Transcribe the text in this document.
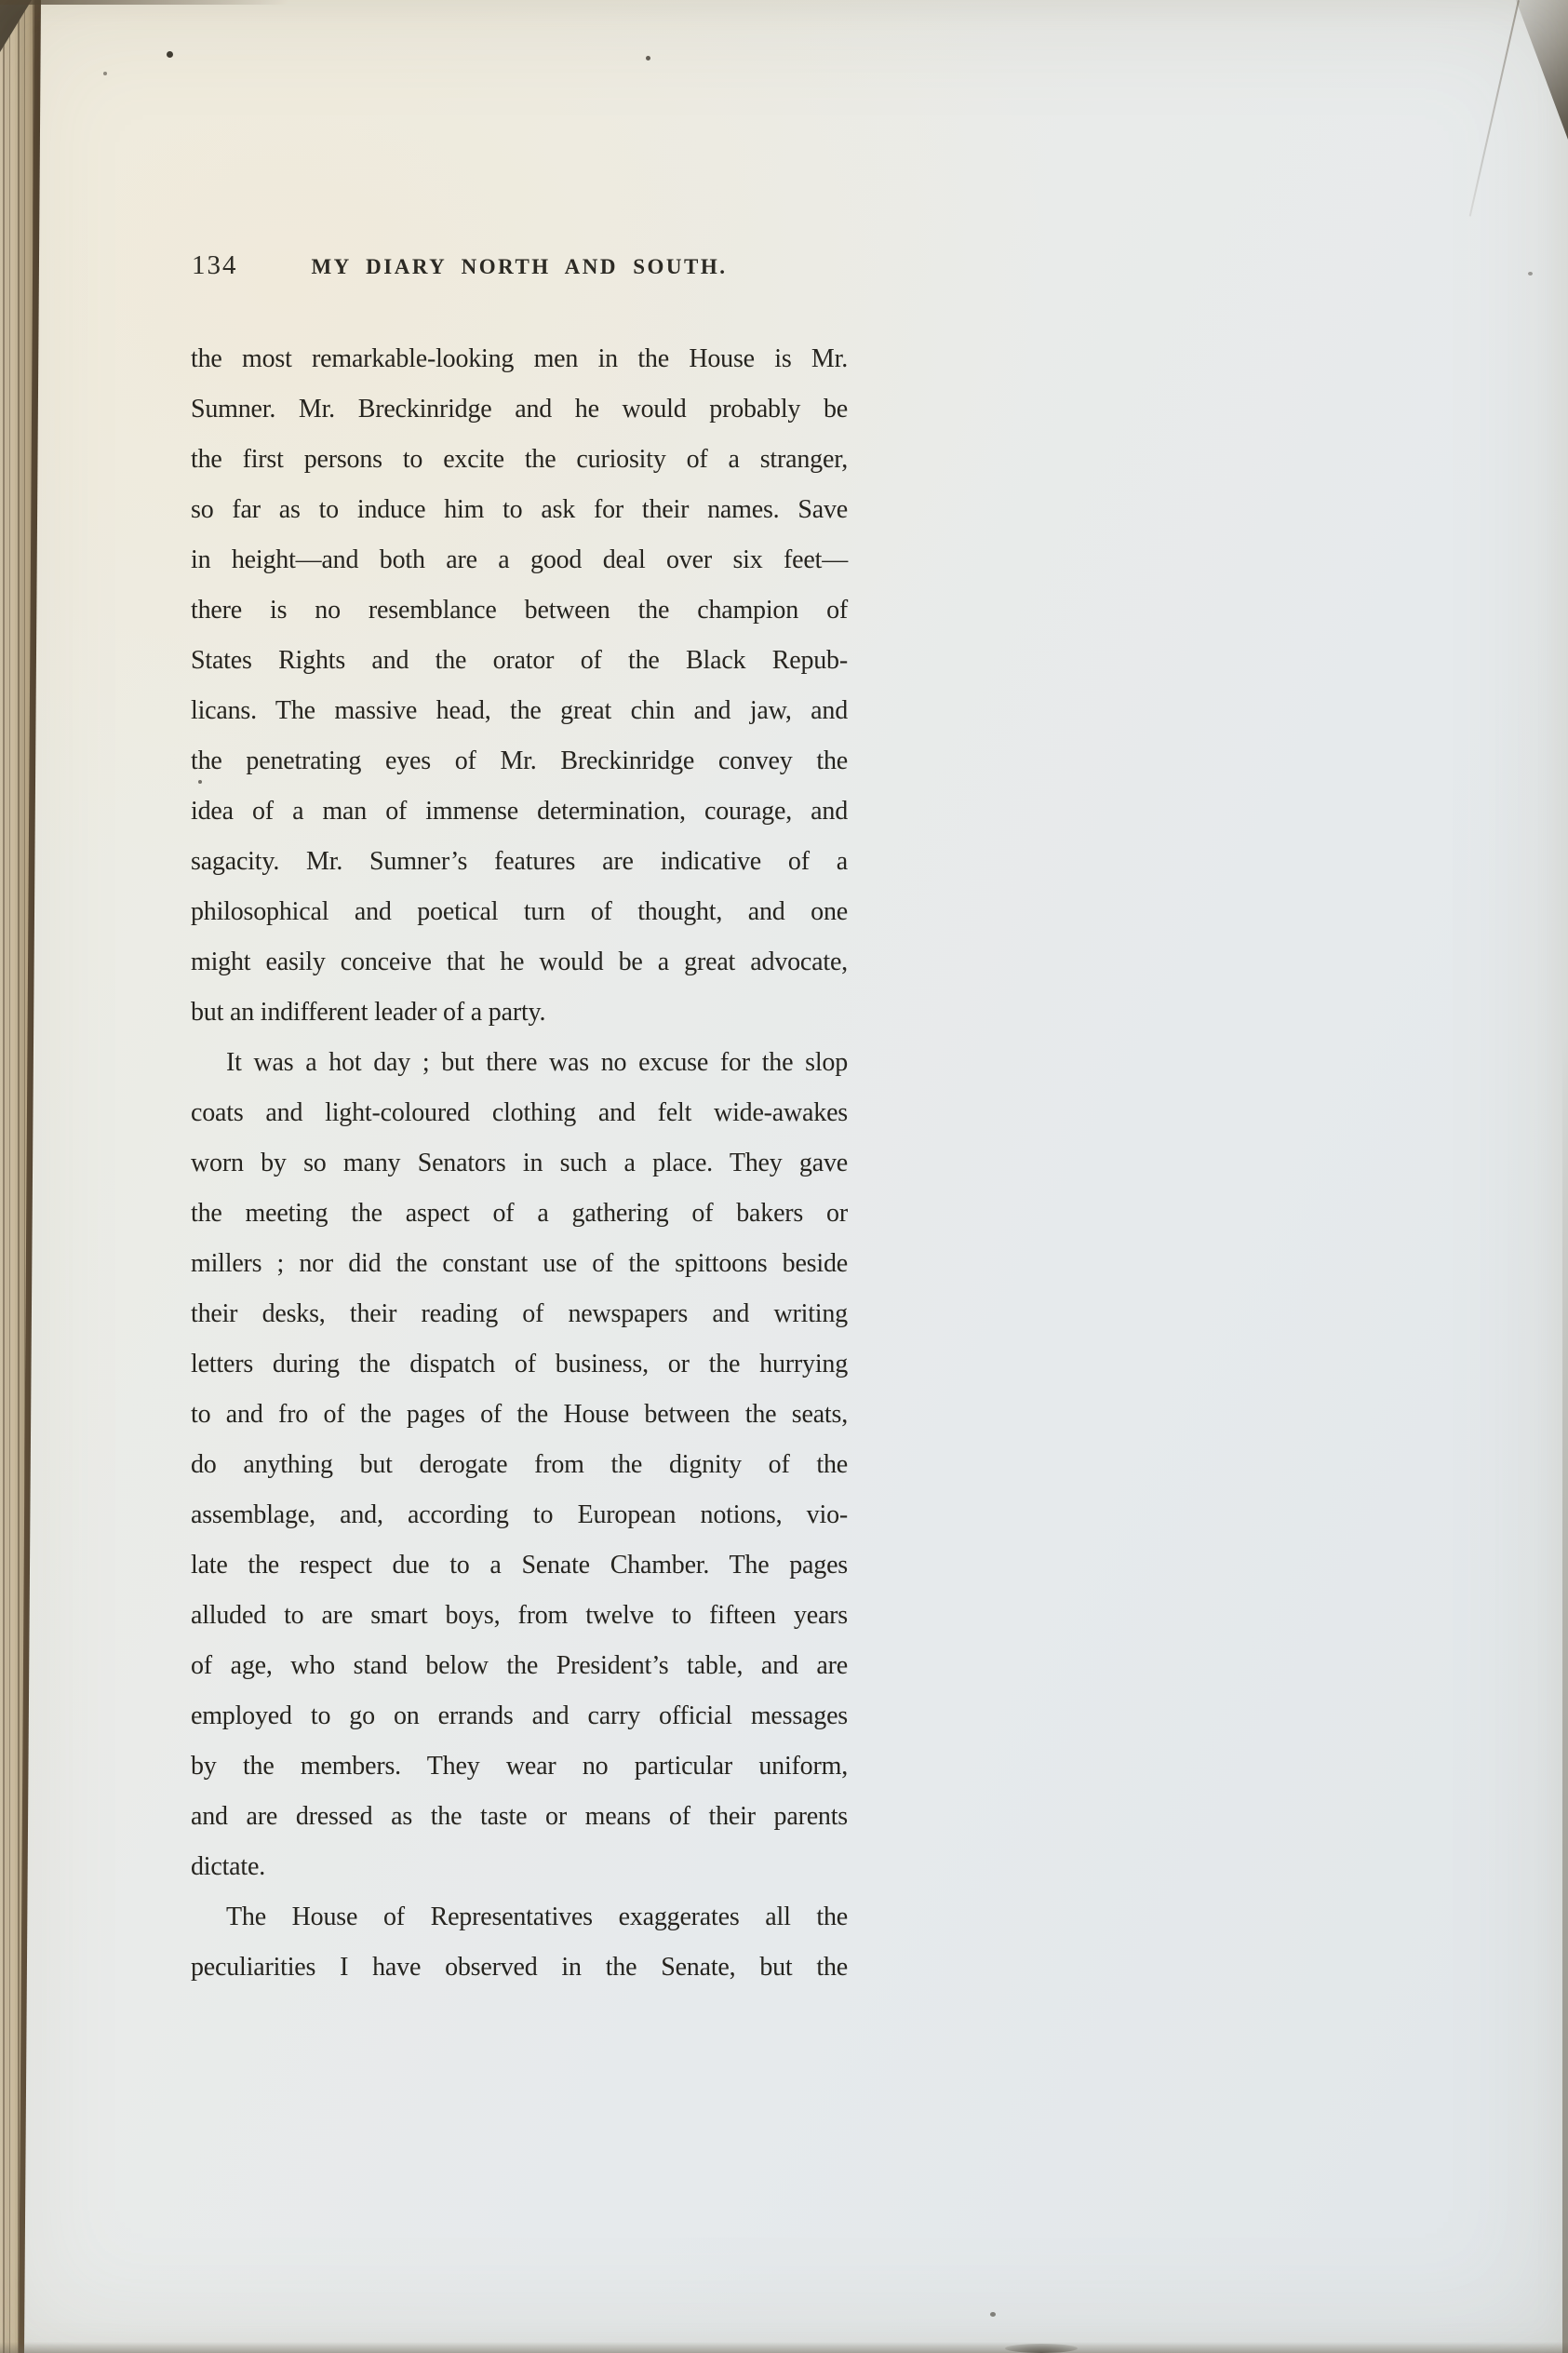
134	MY DIARY NORTH AND SOUTH.
the most remarkable-looking men in the House is Mr.
Sumner. Mr. Breckinridge and he would probably be
the first persons to excite the curiosity of a stranger,
so far as to induce him to ask for their names. Save
in height—and both are a good deal over six feet—
there is no resemblance between the champion of
States Rights and the orator of the Black Repub-
licans. The massive head, the great chin and jaw, and
the penetrating eyes of Mr. Breckinridge convey the
idea of a man of immense determination, courage, and
sagacity. Mr. Sumner’s features are indicative of a
philosophical and poetical turn of thought, and one
might easily conceive that he would be a great advocate,
but an indifferent leader of a party.
It was a hot day ; but there was no excuse for the slop
coats and light-coloured clothing and felt wide-awakes
worn by so many Senators in such a place. They gave
the meeting the aspect of a gathering of bakers or
millers ; nor did the constant use of the spittoons beside
their desks, their reading of newspapers and writing
letters during the dispatch of business, or the hurrying
to and fro of the pages of the House between the seats,
do anything but derogate from the dignity of the
assemblage, and, according to European notions, vio-
late the respect due to a Senate Chamber. The pages
alluded to are smart boys, from twelve to fifteen years
of age, who stand below the President’s table, and are
employed to go on errands and carry official messages
by the members. They wear no particular uniform,
and are dressed as the taste or means of their parents
dictate.
The House of Representatives exaggerates all the
peculiarities I have observed in the Senate, but the
